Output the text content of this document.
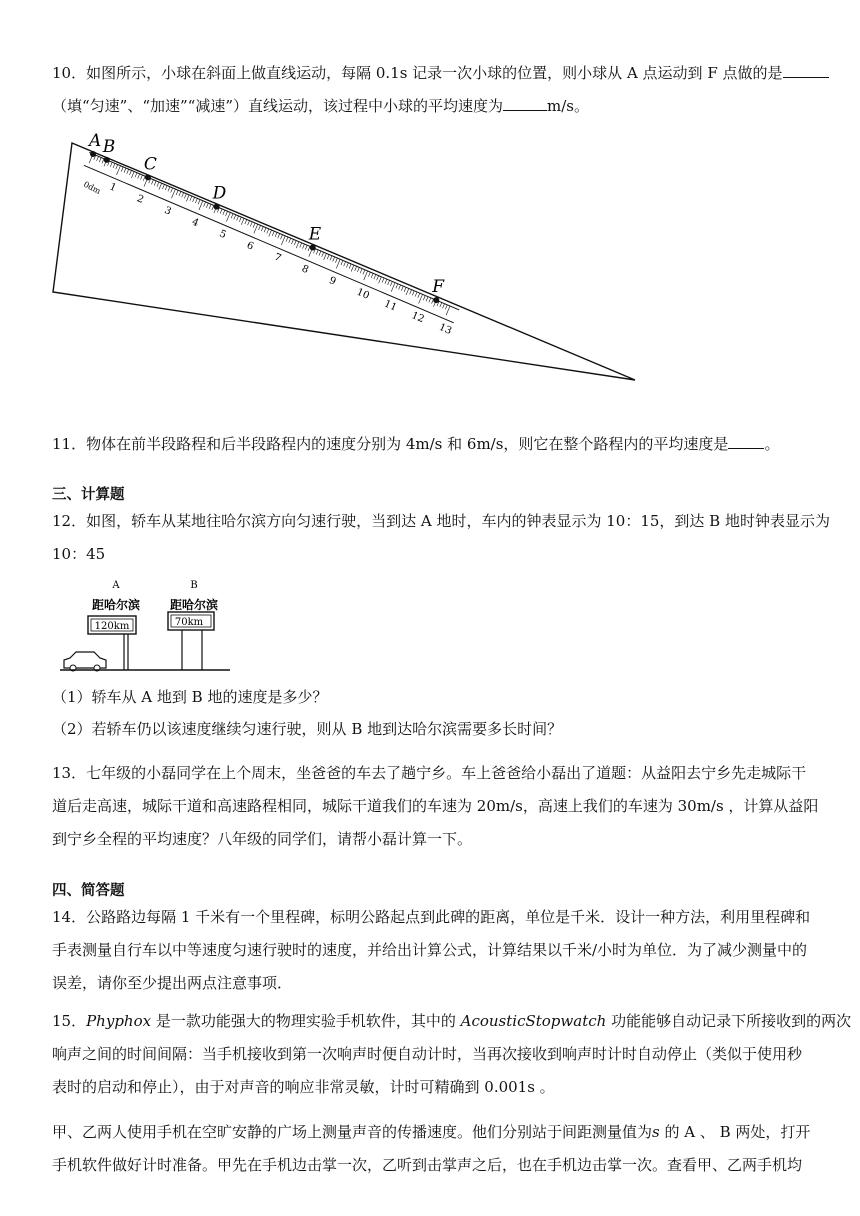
10．如图所示，小球在斜面上做直线运动，每隔 0.1s 记录一次小球的位置，则小球从 A 点运动到 F 点做的是
（填“匀速”、“加速”“减速”）直线运动，该过程中小球的平均速度为	m/s。
0dm 1
2
3
4
5
6
7
8
9
10
11
12
13
A B
C
D
E
F
11．物体在前半段路程和后半段路程内的速度分别为 4m/s 和 6m/s，则它在整个路程内的平均速度是 。
三、计算题
12．如图，轿车从某地往哈尔滨方向匀速行驶，当到达 A 地时，车内的钟表显示为 10：15，到达 B 地时钟表显示为
10：45
A
距哈尔滨
120km
B
距哈尔滨
70km
（1）轿车从 A 地到 B 地的速度是多少？
（2）若轿车仍以该速度继续匀速行驶，则从 B 地到达哈尔滨需要多长时间？
13．七年级的小磊同学在上个周末，坐爸爸的车去了趟宁乡。车上爸爸给小磊出了道题：从益阳去宁乡先走城际干
道后走高速，城际干道和高速路程相同，城际干道我们的车速为 20m/s，高速上我们的车速为 30m/s ，计算从益阳
到宁乡全程的平均速度？八年级的同学们，请帮小磊计算一下。
四、简答题
14．公路路边每隔 1 千米有一个里程碑，标明公路起点到此碑的距离，单位是千米．设计一种方法，利用里程碑和
手表测量自行车以中等速度匀速行驶时的速度，并给出计算公式，计算结果以千米/小时为单位．为了减少测量中的
误差，请你至少提出两点注意事项．
15．Phyphox 是一款功能强大的物理实验手机软件，其中的 AcousticStopwatch 功能能够自动记录下所接收到的两次
响声之间的时间间隔：当手机接收到第一次响声时便自动计时，当再次接收到响声时计时自动停止（类似于使用秒
表时的启动和停止），由于对声音的响应非常灵敏，计时可精确到 0.001s 。
甲、乙两人使用手机在空旷安静的广场上测量声音的传播速度。他们分别站于间距测量值为s 的 A 、 B 两处，打开
手机软件做好计时准备。甲先在手机边击掌一次，乙听到击掌声之后，也在手机边击掌一次。查看甲、乙两手机均
